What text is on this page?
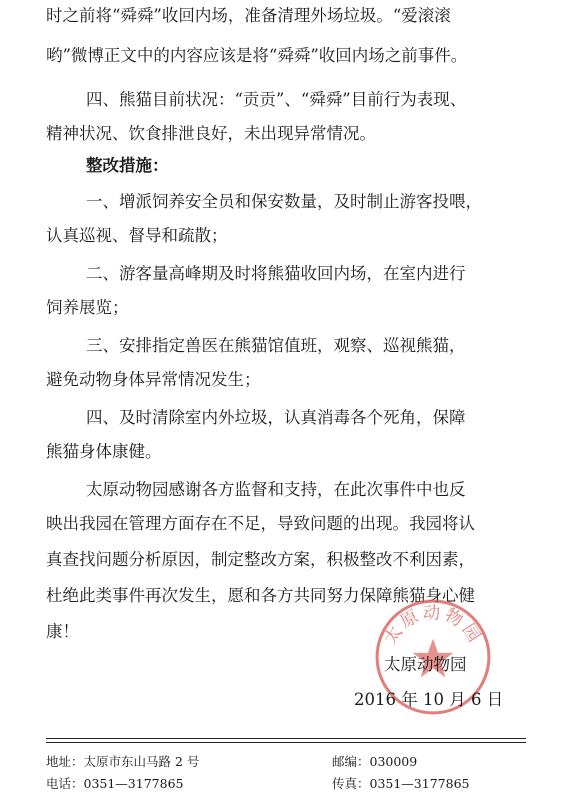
时之前将“舜舜”收回内场，准备清理外场垃圾。“爱滚滚
哟”微博正文中的内容应该是将“舜舜”收回内场之前事件。
四、熊猫目前状况：“贡贡”、“舜舜”目前行为表现、
精神状况、饮食排泄良好，未出现异常情况。
整改措施：
一、增派饲养安全员和保安数量，及时制止游客投喂，
认真巡视、督导和疏散；
二、游客量高峰期及时将熊猫收回内场，在室内进行
饲养展览；
三、安排指定兽医在熊猫馆值班，观察、巡视熊猫，
避免动物身体异常情况发生；
四、及时清除室内外垃圾，认真消毒各个死角，保障
熊猫身体康健。
太原动物园感谢各方监督和支持，在此次事件中也反
映出我园在管理方面存在不足，导致问题的出现。我园将认
真查找问题分析原因，制定整改方案，积极整改不利因素，
杜绝此类事件再次发生，愿和各方共同努力保障熊猫身心健
康！	太原动物园
太原动物园
2016 年 10 月 6 日
地址：太原市东山马路 2 号	邮编：030009
电话：0351—3177865	传真：0351—3177865
